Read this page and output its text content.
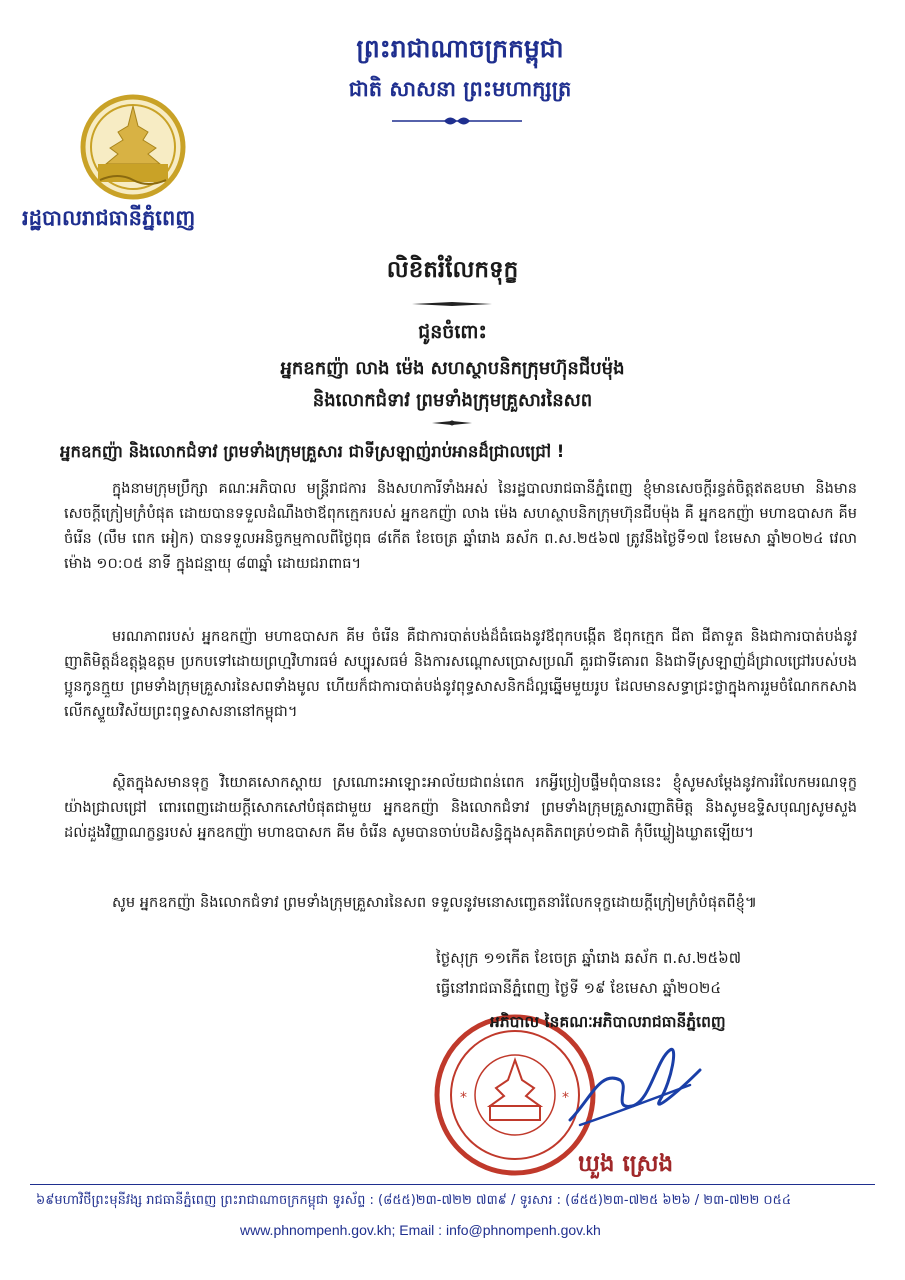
ព្រះរាជាណាចក្រកម្ពុជា
ជាតិ សាសនា ព្រះមហាក្សត្រ
រដ្ឋបាលរាជធានីភ្នំពេញ
លិខិតរំលែកទុក្ខ
ជូនចំពោះ
អ្នកឧកញ៉ា លាង ម៉េង សហស្ថាបនិកក្រុមហ៊ុនជីបម៉ុង
និងលោកជំទាវ ព្រមទាំងក្រុមគ្រួសារនៃសព
អ្នកឧកញ៉ា និងលោកជំទាវ ព្រមទាំងក្រុមគ្រួសារ ជាទីស្រឡាញ់រាប់អានដ៏ជ្រាលជ្រៅ !
ក្នុងនាមក្រុមប្រឹក្សា គណៈអភិបាល មន្ត្រីរាជការ និងសហការីទាំងអស់ នៃរដ្ឋបាលរាជធានីភ្នំពេញ ខ្ញុំមានសេចក្តីរន្ធត់ចិត្តឥតឧបមា និងមានសេចក្តីក្រៀមក្រំបំផុត ដោយបានទទួលដំណឹងថាឪពុកក្មេករបស់ អ្នកឧកញ៉ា លាង ម៉េង សហស្ថាបនិកក្រុមហ៊ុនជីបម៉ុង គឺ អ្នកឧកញ៉ា មហាឧបាសក គីម ចំរើន (លឹម ពេក អៀក) បានទទួលអនិច្ចកម្មកាលពីថ្ងៃពុធ ៨កើត ខែចេត្រ ឆ្នាំរោង ឆស័ក ព.ស.២៥៦៧ ត្រូវនឹងថ្ងៃទី១៧ ខែមេសា ឆ្នាំ២០២៤ វេលាម៉ោង ១០:០៥ នាទី ក្នុងជន្មាយុ ៨៣ឆ្នាំ ដោយជរាពាធ។
មរណភាពរបស់ អ្នកឧកញ៉ា មហាឧបាសក គីម ចំរើន គឺជាការបាត់បង់ដ៏ធំធេងនូវឪពុកបង្កើត ឪពុកក្មេក ជីតា ជីតាទួត និងជាការបាត់បង់នូវញាតិមិត្តដ៏ឧត្តុង្គឧត្តម ប្រកបទៅដោយព្រហ្មវិហារធម៌ សប្បុរសធម៌ និងការសណ្តោសប្រោសប្រណី គួរជាទីគោរព និងជាទីស្រឡាញ់ដ៏ជ្រាលជ្រៅរបស់បងប្អូនកូនក្មួយ ព្រមទាំងក្រុមគ្រួសារនៃសពទាំងមូល ហើយក៏ជាការបាត់បង់នូវពុទ្ធសាសនិកដ៏ល្អឆ្នើមមួយរូប ដែលមានសទ្ធាជ្រះថ្លាក្នុងការរួមចំណែកកសាងលើកស្ទួយវិស័យព្រះពុទ្ធសាសនានៅកម្ពុជា។
ស្ថិតក្នុងសមានទុក្ខ វិយោគសោកស្តាយ ស្រណោះអាឡោះអាល័យជាពន់ពេក រកអ្វីប្រៀបផ្ទឹមពុំបាននេះ ខ្ញុំសូមសម្តែងនូវការរំលែកមរណទុក្ខយ៉ាងជ្រាលជ្រៅ ពោរពេញដោយក្តីសោកសៅបំផុតជាមួយ អ្នកឧកញ៉ា និងលោកជំទាវ ព្រមទាំងក្រុមគ្រួសារញាតិមិត្ត និងសូមឧទ្ទិសបុណ្យសូមសួងដល់ដួងវិញ្ញាណក្ខន្ធរបស់ អ្នកឧកញ៉ា មហាឧបាសក គីម ចំរើន សូមបានចាប់បដិសន្ធិក្នុងសុគតិភពគ្រប់១ជាតិ កុំបីឃ្លៀងឃ្លាតឡើយ។
សូម អ្នកឧកញ៉ា និងលោកជំទាវ ព្រមទាំងក្រុមគ្រួសារនៃសព ទទួលនូវមនោសញ្ចេតនារំលែកទុក្ខដោយក្តីក្រៀមក្រំបំផុតពីខ្ញុំ៕
ថ្ងៃសុក្រ ១១កើត ខែចេត្រ ឆ្នាំរោង ឆស័ក ព.ស.២៥៦៧
ធ្វើនៅរាជធានីភ្នំពេញ ថ្ងៃទី ១៩ ខែមេសា ឆ្នាំ២០២៤
*	*
អភិបាល នៃគណៈអភិបាលរាជធានីភ្នំពេញ
ឃួង ស្រេង
៦៩មហាវិថីព្រះមុនីវង្ស រាជធានីភ្នំពេញ ព្រះរាជាណាចក្រកម្ពុជា ទូរស័ព្ទ : (៨៥៥)២៣-៧២២ ៧៣៩ / ទូរសារ : (៨៥៥)២៣-៧២៥ ៦២៦ / ២៣-៧២២ ០៥៤
www.phnompenh.gov.kh; Email : info@phnompenh.gov.kh
